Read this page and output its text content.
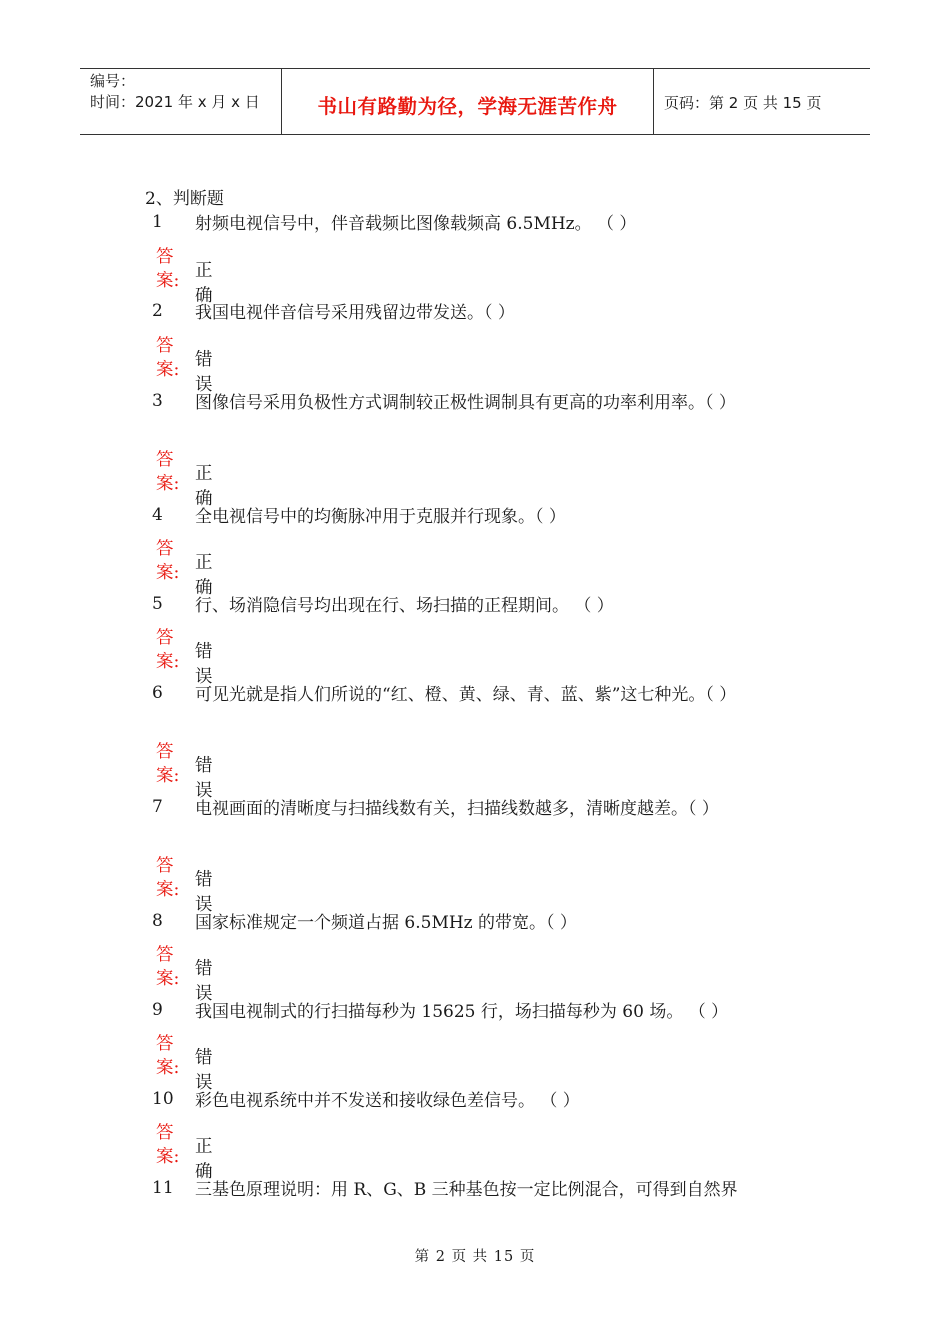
编号：
时间：2021 年 x 月 x 日	书山有路勤为径，学海无涯苦作舟	页码：第 2 页 共 15 页
2、判断题
1	射频电视信号中，伴音载频比图像载频高 6.5MHz。 （ ）
答案: 正确
2	我国电视伴音信号采用残留边带发送。（ ）
答案: 错误
3	图像信号采用负极性方式调制较正极性调制具有更高的功率利用率。（ ）
答案: 正确
4	全电视信号中的均衡脉冲用于克服并行现象。（ ）
答案: 正确
5	行、场消隐信号均出现在行、场扫描的正程期间。 （ ）
答案: 错误
6	可见光就是指人们所说的“红、橙、黄、绿、青、蓝、紫”这七种光。（ ）
答案: 错误
7	电视画面的清晰度与扫描线数有关，扫描线数越多，清晰度越差。（ ）
答案: 错误
8	国家标准规定一个频道占据 6.5MHz 的带宽。（ ）
答案: 错误
9	我国电视制式的行扫描每秒为 15625 行，场扫描每秒为 60 场。 （ ）
答案: 错误
10	彩色电视系统中并不发送和接收绿色差信号。 （ ）
答案: 正确
11	三基色原理说明：用 R、G、B 三种基色按一定比例混合，可得到自然界
第 2 页 共 15 页
